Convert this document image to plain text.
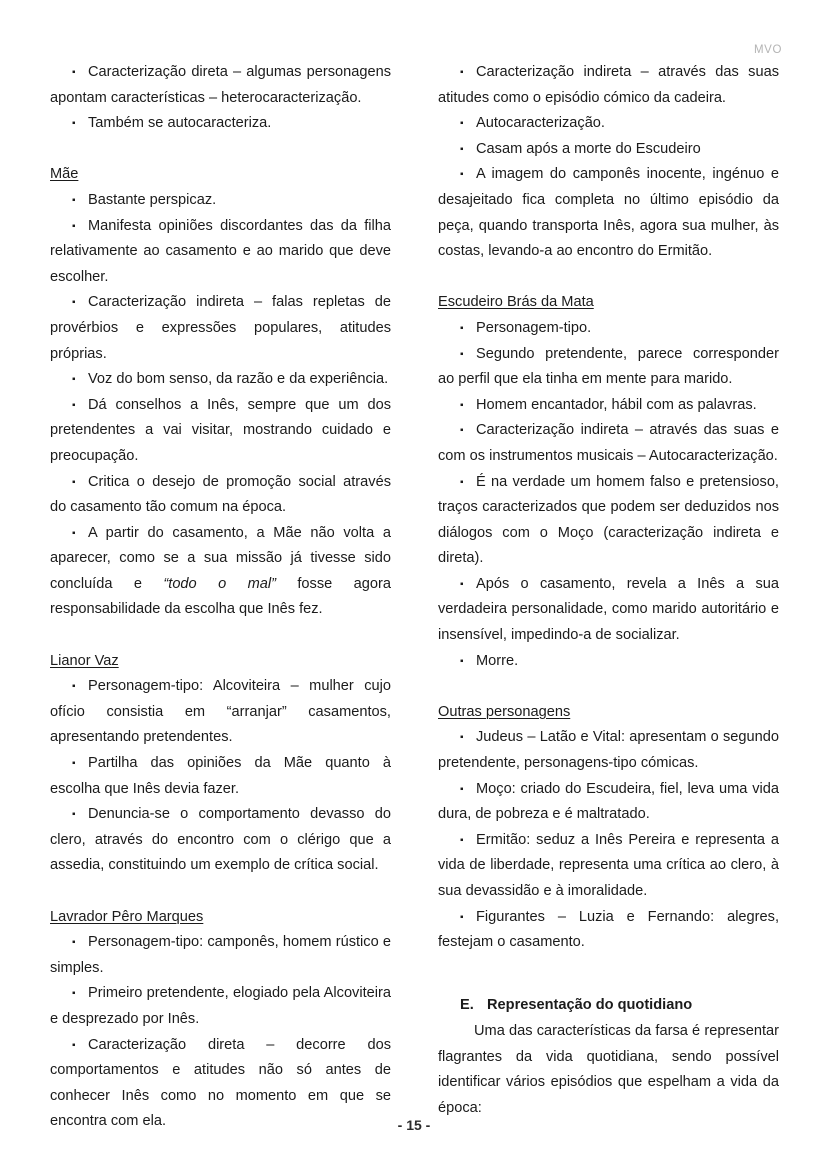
MVO

▪ Caracterização direta – algumas personagens apontam características – heterocaracterização.

▪ Também se autocaracteriza.

Mãe

▪ Bastante perspicaz.

▪ Manifesta opiniões discordantes das da filha relativamente ao casamento e ao marido que deve escolher.

▪ Caracterização indireta – falas repletas de provérbios e expressões populares, atitudes próprias.

▪ Voz do bom senso, da razão e da experiência.

▪ Dá conselhos a Inês, sempre que um dos pretendentes a vai visitar, mostrando cuidado e preocupação.

▪ Critica o desejo de promoção social através do casamento tão comum na época.

▪ A partir do casamento, a Mãe não volta a aparecer, como se a sua missão já tivesse sido concluída e “todo o mal” fosse agora responsabilidade da escolha que Inês fez.

Lianor Vaz

▪ Personagem-tipo: Alcoviteira – mulher cujo ofício consistia em “arranjar” casamentos, apresentando pretendentes.

▪ Partilha das opiniões da Mãe quanto à escolha que Inês devia fazer.

▪ Denuncia-se o comportamento devasso do clero, através do encontro com o clérigo que a assedia, constituindo um exemplo de crítica social.

Lavrador Pêro Marques

▪ Personagem-tipo: camponês, homem rústico e simples.

▪ Primeiro pretendente, elogiado pela Alcoviteira e desprezado por Inês.

▪ Caracterização direta – decorre dos comportamentos e atitudes não só antes de conhecer Inês como no momento em que se encontra com ela.

▪ Caracterização indireta – através das suas atitudes como o episódio cómico da cadeira.

▪ Autocaracterização.

▪ Casam após a morte do Escudeiro

▪ A imagem do camponês inocente, ingénuo e desajeitado fica completa no último episódio da peça, quando transporta Inês, agora sua mulher, às costas, levando-a ao encontro do Ermitão.

Escudeiro Brás da Mata

▪ Personagem-tipo.

▪ Segundo pretendente, parece corresponder ao perfil que ela tinha em mente para marido.

▪ Homem encantador, hábil com as palavras.

▪ Caracterização indireta – através das suas e com os instrumentos musicais – Autocaracterização.

▪ É na verdade um homem falso e pretensioso, traços caracterizados que podem ser deduzidos nos diálogos com o Moço (caracterização indireta e direta).

▪ Após o casamento, revela a Inês a sua verdadeira personalidade, como marido autoritário e insensível, impedindo-a de socializar.

▪ Morre.

Outras personagens

▪ Judeus – Latão e Vital: apresentam o segundo pretendente, personagens-tipo cómicas.

▪ Moço: criado do Escudeira, fiel, leva uma vida dura, de pobreza e é maltratado.

▪ Ermitão: seduz a Inês Pereira e representa a vida de liberdade, representa uma crítica ao clero, à sua devassidão e à imoralidade.

▪ Figurantes – Luzia e Fernando: alegres, festejam o casamento.

E. Representação do quotidiano

Uma das características da farsa é representar flagrantes da vida quotidiana, sendo possível identificar vários episódios que espelham a vida da época:

- 15 -
